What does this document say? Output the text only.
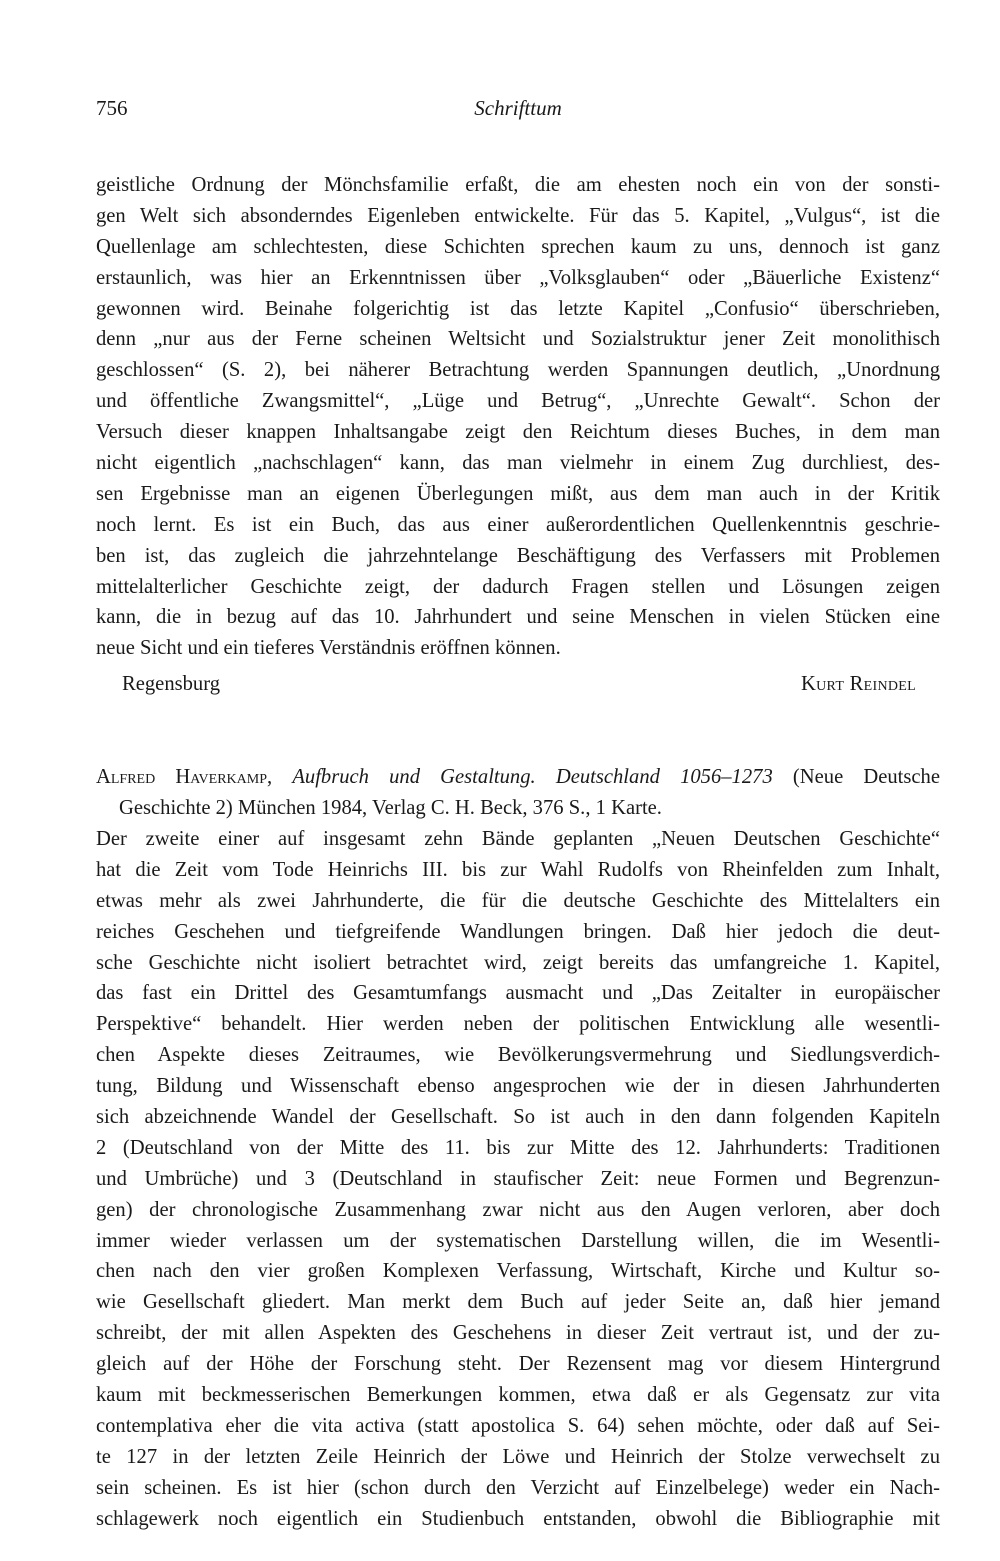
756	Schrifttum
geistliche Ordnung der Mönchsfamilie erfaßt, die am ehesten noch ein von der sonsti-
gen Welt sich absonderndes Eigenleben entwickelte. Für das 5. Kapitel, „Vulgus“, ist die
Quellenlage am schlechtesten, diese Schichten sprechen kaum zu uns, dennoch ist ganz
erstaunlich, was hier an Erkenntnissen über „Volksglauben“ oder „Bäuerliche Existenz“
gewonnen wird. Beinahe folgerichtig ist das letzte Kapitel „Confusio“ überschrieben,
denn „nur aus der Ferne scheinen Weltsicht und Sozialstruktur jener Zeit monolithisch
geschlossen“ (S. 2), bei näherer Betrachtung werden Spannungen deutlich, „Unordnung
und öffentliche Zwangsmittel“, „Lüge und Betrug“, „Unrechte Gewalt“. Schon der
Versuch dieser knappen Inhaltsangabe zeigt den Reichtum dieses Buches, in dem man
nicht eigentlich „nachschlagen“ kann, das man vielmehr in einem Zug durchliest, des-
sen Ergebnisse man an eigenen Überlegungen mißt, aus dem man auch in der Kritik
noch lernt. Es ist ein Buch, das aus einer außerordentlichen Quellenkenntnis geschrie-
ben ist, das zugleich die jahrzehntelange Beschäftigung des Verfassers mit Problemen
mittelalterlicher Geschichte zeigt, der dadurch Fragen stellen und Lösungen zeigen
kann, die in bezug auf das 10. Jahrhundert und seine Menschen in vielen Stücken eine
neue Sicht und ein tieferes Verständnis eröffnen können.
Regensburg	Kurt Reindel
Alfred Haverkamp, Aufbruch und Gestaltung. Deutschland 1056–1273 (Neue Deutsche
Geschichte 2) München 1984, Verlag C. H. Beck, 376 S., 1 Karte.
Der zweite einer auf insgesamt zehn Bände geplanten „Neuen Deutschen Geschichte“
hat die Zeit vom Tode Heinrichs III. bis zur Wahl Rudolfs von Rheinfelden zum Inhalt,
etwas mehr als zwei Jahrhunderte, die für die deutsche Geschichte des Mittelalters ein
reiches Geschehen und tiefgreifende Wandlungen bringen. Daß hier jedoch die deut-
sche Geschichte nicht isoliert betrachtet wird, zeigt bereits das umfangreiche 1. Kapitel,
das fast ein Drittel des Gesamtumfangs ausmacht und „Das Zeitalter in europäischer
Perspektive“ behandelt. Hier werden neben der politischen Entwicklung alle wesentli-
chen Aspekte dieses Zeitraumes, wie Bevölkerungsvermehrung und Siedlungsverdich-
tung, Bildung und Wissenschaft ebenso angesprochen wie der in diesen Jahrhunderten
sich abzeichnende Wandel der Gesellschaft. So ist auch in den dann folgenden Kapiteln
2 (Deutschland von der Mitte des 11. bis zur Mitte des 12. Jahrhunderts: Traditionen
und Umbrüche) und 3 (Deutschland in staufischer Zeit: neue Formen und Begrenzun-
gen) der chronologische Zusammenhang zwar nicht aus den Augen verloren, aber doch
immer wieder verlassen um der systematischen Darstellung willen, die im Wesentli-
chen nach den vier großen Komplexen Verfassung, Wirtschaft, Kirche und Kultur so-
wie Gesellschaft gliedert. Man merkt dem Buch auf jeder Seite an, daß hier jemand
schreibt, der mit allen Aspekten des Geschehens in dieser Zeit vertraut ist, und der zu-
gleich auf der Höhe der Forschung steht. Der Rezensent mag vor diesem Hintergrund
kaum mit beckmesserischen Bemerkungen kommen, etwa daß er als Gegensatz zur vita
contemplativa eher die vita activa (statt apostolica S. 64) sehen möchte, oder daß auf Sei-
te 127 in der letzten Zeile Heinrich der Löwe und Heinrich der Stolze verwechselt zu
sein scheinen. Es ist hier (schon durch den Verzicht auf Einzelbelege) weder ein Nach-
schlagewerk noch eigentlich ein Studienbuch entstanden, obwohl die Bibliographie mit
